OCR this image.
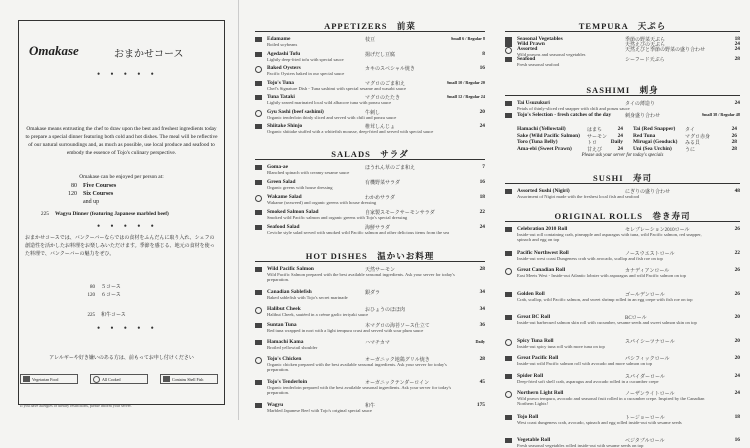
Omakase	おまかせコース
• • • • •
Omakase means entrusting the chef to draw upon the best and freshest ingredients today to prepare a special dinner featuring both cold and hot dishes. The meal will be reflective of our natural surroundings and, as much as possible, use local produce and seafood to embody the essence of Tojo's culinary perspective.
Omakase can be enjoyed per person at:
80 Five Courses
120 Six Courses
and up
225 Wagyu Dinner (featuring Japanese marbled beef)
• • • • •
おまかせコースでは、バンクーバーならではの食材をふんだんに取り入れ、シェフの創造性を活かしたお料理をお楽しみいただけます。季節を感じる、地元の食材を使った料理で、バンクーバーの魅力をぜひ。
80 ５コース
120 ６コース
225 和牛コース
• • • • •
アレルギーや好き嫌いのある方は、前もってお申し付けください
Vegetarian Food	All Cooked	Contains Shell Fish
If you have allergies or dietary restrictions, please inform your server.
APPETIZERS　前菜
Edamame
Boiled soybeans
枝豆	Small 6 / Regular 8
Agedashi Tofu
Lightly deep-fried tofu with special sauce
揚げだし豆腐	8
Baked Oysters
Pacific Oysters baked in our special sauce
カキのスペシャル焼き	16
Tojo's Tuna
Chef's Signature Dish - Tuna sashimi with special sesame and wasabi sauce
マグロのごま和え	Small 10 / Regular 20
Tuna Tataki
Lightly seared marinated local wild albacore tuna with ponzu sauce
マグロのたたき	Small 12 / Regular 24
Gyu Sashi (beef sashimi)
Organic tenderloin thinly sliced and served with chili and ponzu sauce
牛刺し	20
Shiitake Shinjo
Organic shiitake stuffed with a whitefish mousse, deep-fried and served with special sauce
椎茸しんじょ	24
SALADS　サラダ
Goma-ae
Blanched spinach with creamy sesame sauce
ほうれん草のごま和え	7
Green Salad
Organic greens with house dressing
有機野菜サラダ	16
Wakame Salad
Wakame (seaweed) and organic greens with house dressing
わかめサラダ	18
Smoked Salmon Salad
Smoked wild Pacific salmon and organic greens with Tojo's special dressing
自家製スモークサーモンサラダ	22
Seafood Salad
Ceviche style salad served with smoked wild Pacific salmon and other delicious items from the sea
海鮮サラダ	24
HOT DISHES　温かいお料理
Wild Pacific Salmon
Wild Pacific Salmon prepared with the best available seasonal ingredients. Ask your server for today's preparation.
天然サーモン	28
Canadian Sablefish
Baked sablefish with Tojo's secret marinade
銀ダラ	34
Halibut Cheek
Halibut Cheek, sautéed in a crème garlic teriyaki sauce
おひょうのほほ肉	34
Suntan Tuna
Red tuna wrapped in nori with a light tempura crust and served with sour plum sauce
本マグロの海苔ソース仕立て	36
Hamachi Kama
Broiled yellowtail shoulder
ハマチカマ	Daily
Tojo's Chicken
Organic chicken prepared with the best available seasonal ingredients. Ask your server for today's preparation.
オーガニック地鶏グリル焼き	28
Tojo's Tenderloin
Organic tenderloin prepared with the best available seasonal ingredients. Ask your server for today's preparation.
オーガニックテンダーロイン	45
Wagyu
Marbled Japanese Beef with Tojo's original special sauce
和牛	175
TEMPURA　天ぷら
Seasonal Vegetables	季節の野菜天ぷら	18
Wild Prawn	天然えびの天ぷら	24
Assorted
Wild prawns and seasonal vegetables
天然えびと季節の野菜の盛り合わせ	24
Seafood
Fresh seasonal seafood
シーフード天ぷら	28
SASHIMI　刺身
Tai Usuzukuri
Petals of thinly-sliced red snapper with chili and ponzu sauce
タイの薄造り	24
Tojo's Selection - fresh catches of the day	刺身盛り合わせ	Small 38 / Regular 48
Hamachi (Yellowtail)	はまち	24 Tai (Red Snapper) タイ	24
Sake (Wild Pacific Salmon) サーモン	24 Red Tuna	マグロ赤身	26
Toro (Tuna Belly)	トロ	Daily Mirugai (Geoduck) みる貝	28
Ama-ebi (Sweet Prawn)	甘えび	24 Uni (Sea Urchin)	うに	28
Please ask your server for today's specials
SUSHI　寿司
Assorted Sushi (Nigiri)
Assortment of Nigiri made with the freshest local fish and seafood
にぎりの盛り合わせ	48
ORIGINAL ROLLS　巻き寿司
Celebration 2010 Roll
Inside-out roll containing crab, pineapple and asparagus with tuna, wild Pacific salmon, red snapper, spinach and egg on top
セレブレーション2010ロール	26
Pacific Northwest Roll
Inside-out west coast Dungeness crab with avocado, scallop and fish roe on top
ノースウエストロール	22
Great Canadian Roll
East Meets West - Inside-out Atlantic lobster with asparagus and wild Pacific salmon on top
カナディアンロール	26
Golden Roll
Crab, scallop, wild Pacific salmon, and sweet shrimp rolled in an egg crepe with fish roe on top
ゴールデンロール	26
Great BC Roll
Inside-out barbecued salmon skin roll with cucumber, sesame seeds and sweet salmon skin on top
BCロール	20
Spicy Tuna Roll
Inside-out spicy tuna roll with more tuna on top
スパイシーツナロール	20
Great Pacific Roll
Inside-out wild Pacific salmon roll with avocado and more salmon on top
パシフィックロール	20
Spider Roll
Deep-fried soft shell crab, asparagus and avocado rolled in a cucumber crepe
スパイダーロール	24
Northern Light Roll
Wild prawn tempura, avocado and seasonal fruit rolled in a cucumber crepe. Inspired by the Canadian Northern Lights!
ノーザンライトロール	24
Tojo Roll
West coast dungeness crab, avocado, spinach and egg rolled inside-out with sesame seeds
トージョーロール	18
Vegetable Roll
Fresh seasonal vegetables rolled inside-out with sesame seeds on top
ベジタブルロール	16
